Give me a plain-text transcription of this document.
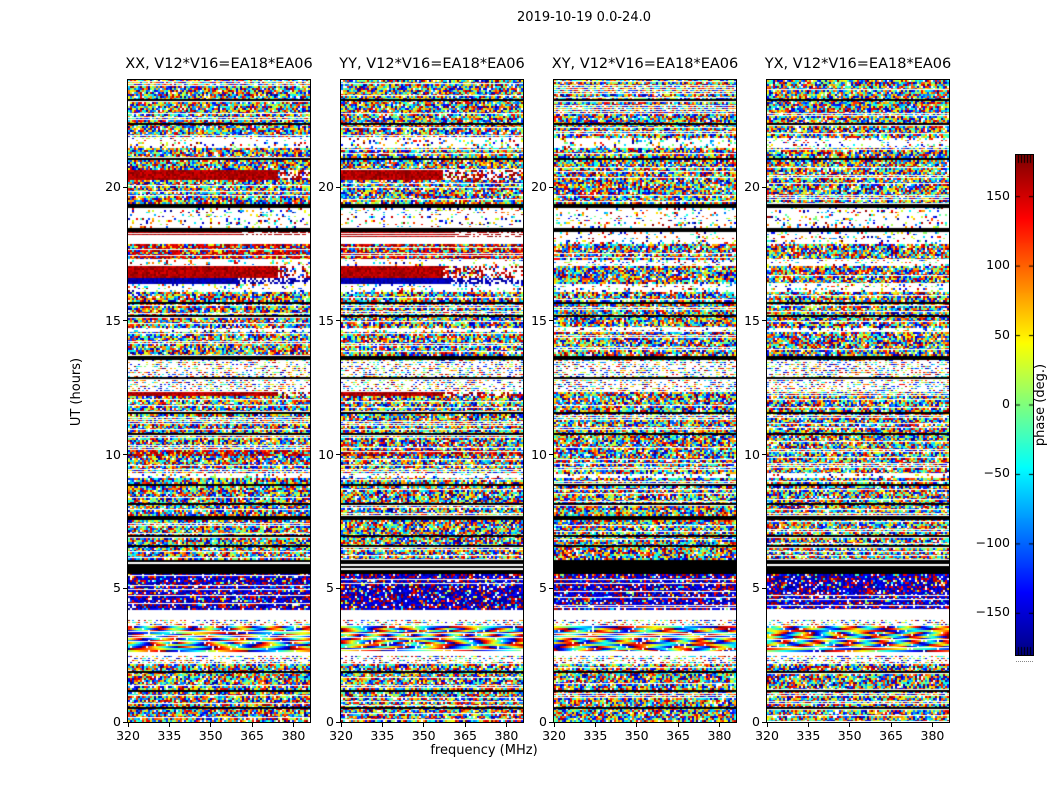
2019-10-19 0.0-24.0
XX, V12*V16=EA18*EA06	YY, V12*V16=EA18*EA06	XY, V12*V16=EA18*EA06	YX, V12*V16=EA18*EA06
UT (hours)
frequency (MHz)
phase (deg.)
320	335	350	365	380
0
5
10
15
20
320	335	350	365	380
0
5
10
15
20
320	335	350	365	380
0
5
10
15
20
320	335	350	365	380
0
5
10
15
20
150
100
50
0
−50
−100
−150
